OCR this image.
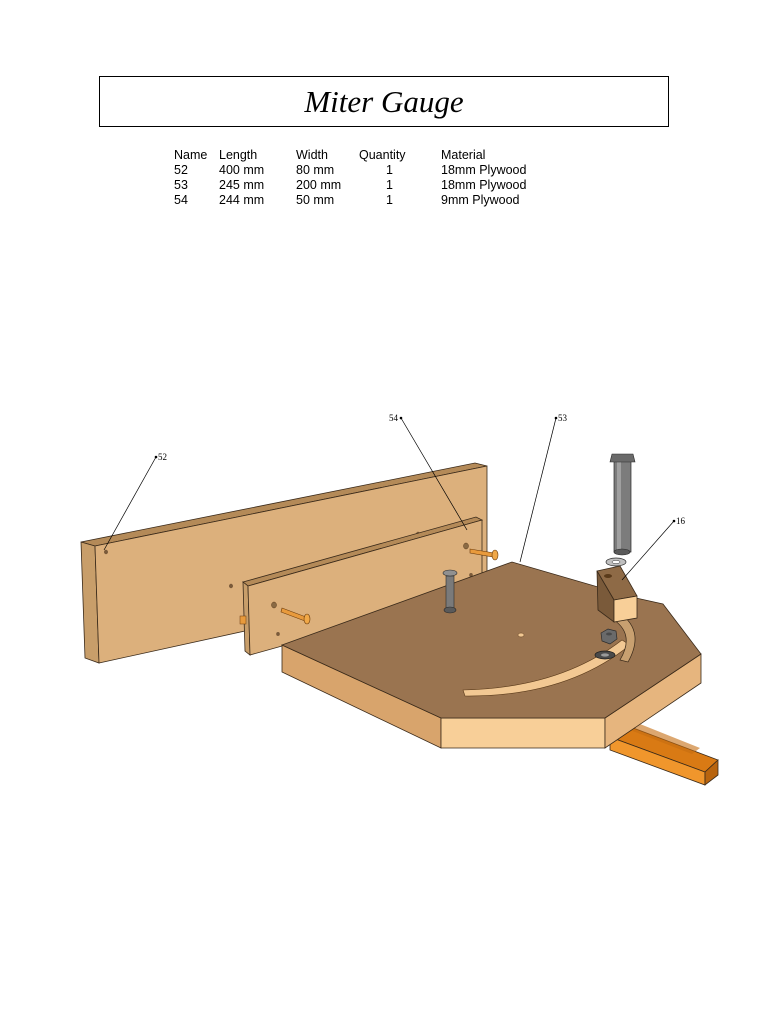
Miter Gauge
Name	Length	Width	Quantity	Material
52	400 mm	80 mm	1	18mm Plywood
53	245 mm	200 mm	1	18mm Plywood
54	244 mm	50 mm	1	9mm Plywood
52
54	53
16
